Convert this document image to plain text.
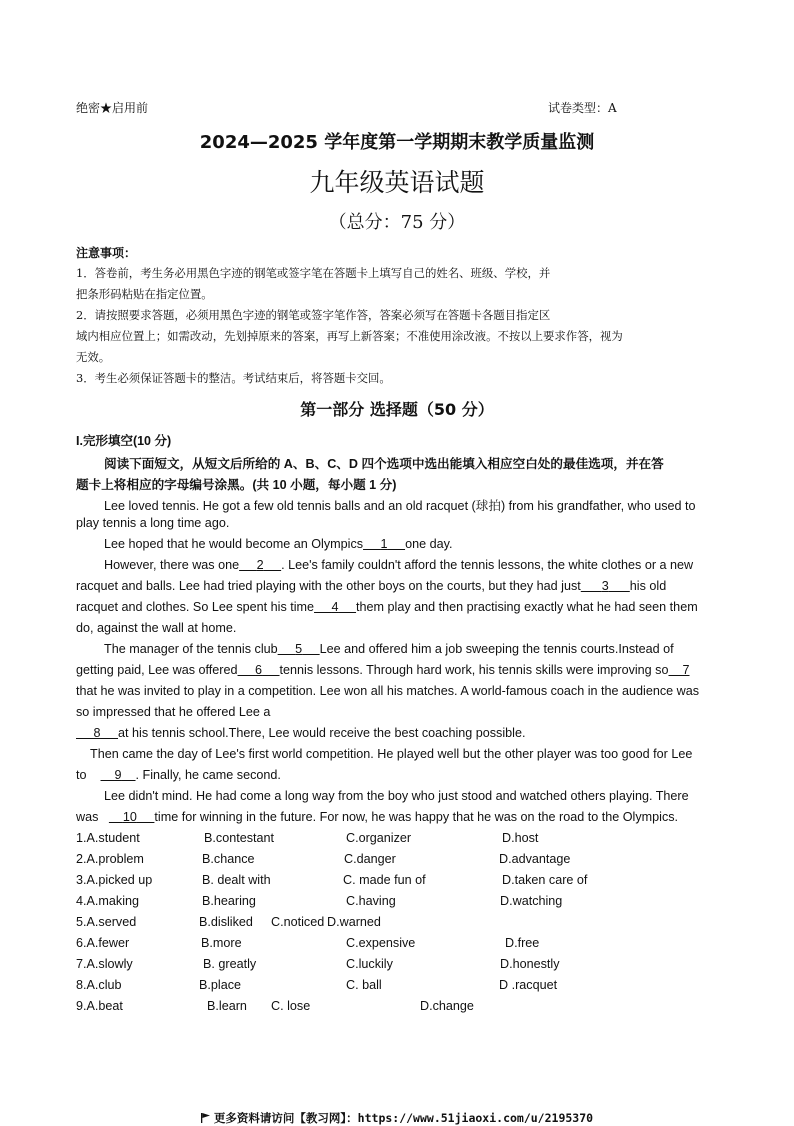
绝密★启用前	试卷类型：A
2024—2025 学年度第一学期期末教学质量监测
九年级英语试题
（总分：75 分）
注意事项：
1．答卷前，考生务必用黑色字迹的钢笔或签字笔在答题卡上填写自己的姓名、班级、学校，并
把条形码粘贴在指定位置。
2．请按照要求答题，必须用黑色字迹的钢笔或签字笔作答，答案必须写在答题卡各题目指定区
域内相应位置上；如需改动，先划掉原来的答案，再写上新答案；不准使用涂改液。不按以上要求作答，视为
无效。
3．考生必须保证答题卡的整洁。考试结束后，将答题卡交回。
第一部分 选择题（50 分）
I.完形填空(10 分)
阅读下面短文，从短文后所给的 A、B、C、D 四个选项中选出能填入相应空白处的最佳选项，并在答
题卡上将相应的字母编号涂黑。(共 10 小题，每小题 1 分)
Lee loved tennis. He got a few old tennis balls and an old racquet (球拍) from his grandfather, who used to
play tennis a long time ago.
Lee hoped that he would become an Olympics 1 one day.
However, there was one 2 . Lee's family couldn't afford the tennis lessons, the white clothes or a new
racquet and balls. Lee had tried playing with the other boys on the courts, but they had just 3 his old
racquet and clothes. So Lee spent his time 4 them play and then practising exactly what he had seen them
do, against the wall at home.
The manager of the tennis club 5 Lee and offered him a job sweeping the tennis courts.Instead of
getting paid, Lee was offered 6 tennis lessons. Through hard work, his tennis skills were improving so 7
that he was invited to play in a competition. Lee won all his matches. A world-famous coach in the audience was
so impressed that he offered Lee a
8 at his tennis school.There, Lee would receive the best coaching possible.
Then came the day of Lee's first world competition. He played well but the other player was too good for Lee
to 9 . Finally, he came second.
Lee didn't mind. He had come a long way from the boy who just stood and watched others playing. There
was 10 time for winning in the future. For now, he was happy that he was on the road to the Olympics.
1.A.student	B.contestant	C.organizer	D.host
2.A.problem	B.chance	C.danger	D.advantage
3.A.picked up	B. dealt with	C. made fun of	D.taken care of
4.A.making	B.hearing	C.having	D.watching
5.A.served	B.disliked C.noticed D.warned
6.A.fewer	B.more	C.expensive	D.free
7.A.slowly	B. greatly	C.luckily	D.honestly
8.A.club	B.place	C. ball	D .racquet
9.A.beat	B.learn C. lose	D.change
更多资料请访问【教习网】：https://www.51jiaoxi.com/u/2195370
